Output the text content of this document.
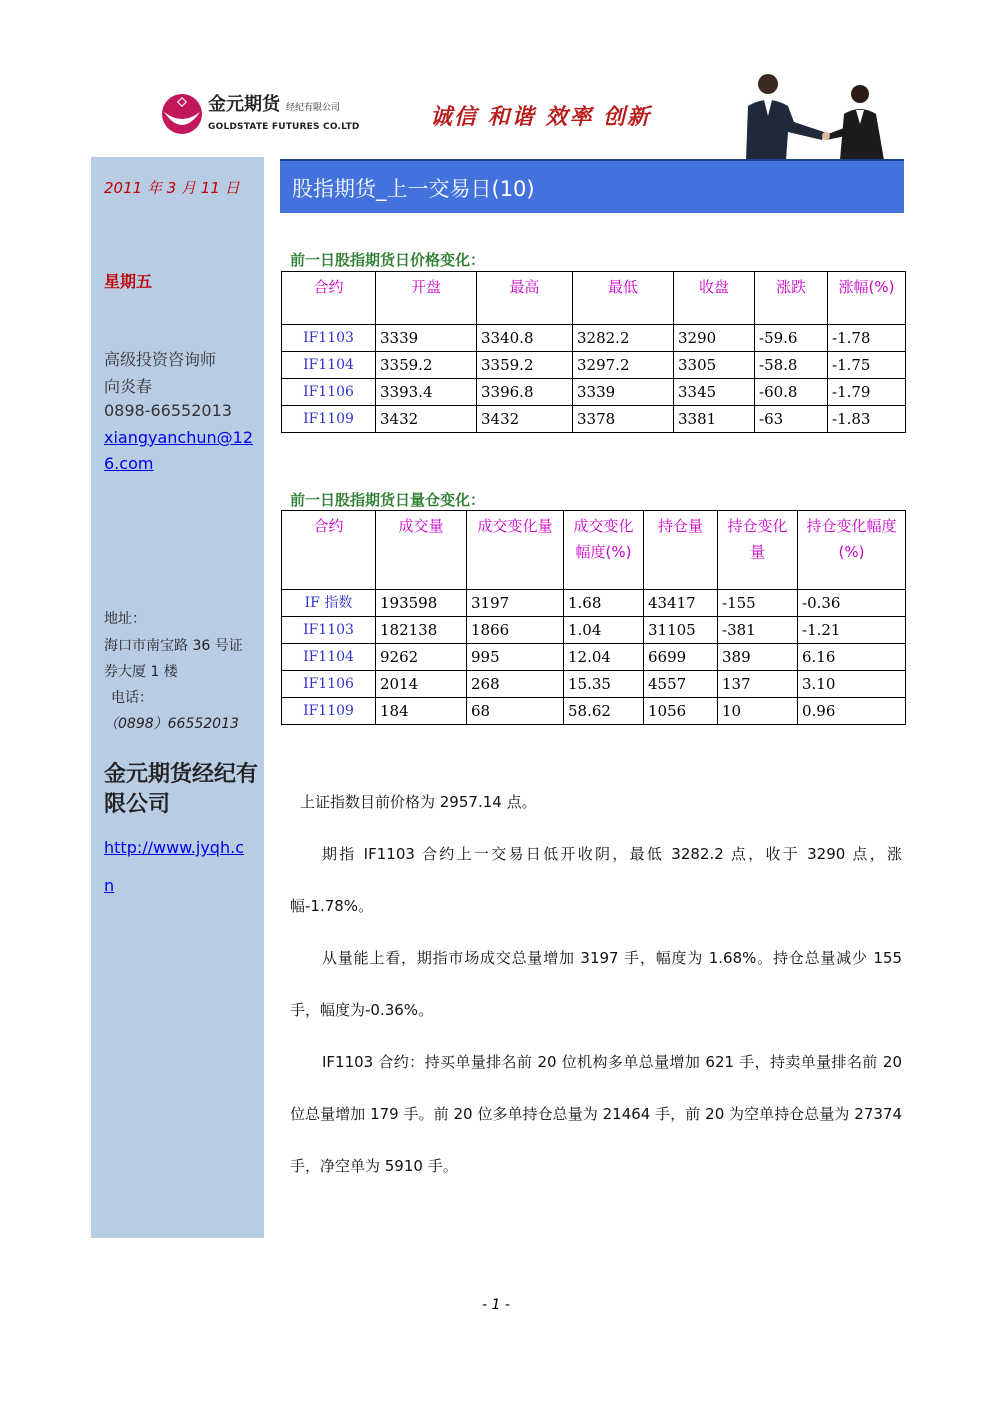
金元期货 经纪有限公司
GOLDSTATE FUTURES CO.LTD	诚信 和谐 效率 创新
2011 年 3 月 11 日
星期五
高级投资咨询师
向炎春
0898-66552013
xiangyanchun@12
6.com
地址：
海口市南宝路 36 号证
券大厦 1 楼
电话：
（0898）66552013
金元期货经纪有限公司
http://www.jyqh.c
n
股指期货_上一交易日(10)
前一日股指期货日价格变化：
合约	开盘	最高	最低	收盘	涨跌	涨幅(%)
IF1103	3339	3340.8	3282.2	3290	-59.6	-1.78
IF1104	3359.2	3359.2	3297.2	3305	-58.8	-1.75
IF1106	3393.4	3396.8	3339	3345	-60.8	-1.79
IF1109	3432	3432	3378	3381	-63	-1.83
前一日股指期货日量仓变化：
合约	成交量	成交变化量	成交变化幅度(%)	持仓量	持仓变化量	持仓变化幅度(%)
IF 指数	193598	3197	1.68	43417	-155	-0.36
IF1103	182138	1866	1.04	31105	-381	-1.21
IF1104	9262	995	12.04	6699	389	6.16
IF1106	2014	268	15.35	4557	137	3.10
IF1109	184	68	58.62	1056	10	0.96
上证指数目前价格为 2957.14 点。
期指 IF1103 合约上一交易日低开收阴，最低 3282.2 点，收于 3290 点，涨幅-1.78%。
从量能上看，期指市场成交总量增加 3197 手，幅度为 1.68%。持仓总量减少 155 手，幅度为-0.36%。
IF1103 合约：持买单量排名前 20 位机构多单总量增加 621 手，持卖单量排名前 20 位总量增加 179 手。前 20 位多单持仓总量为 21464 手，前 20 为空单持仓总量为 27374 手，净空单为 5910 手。
- 1 -
